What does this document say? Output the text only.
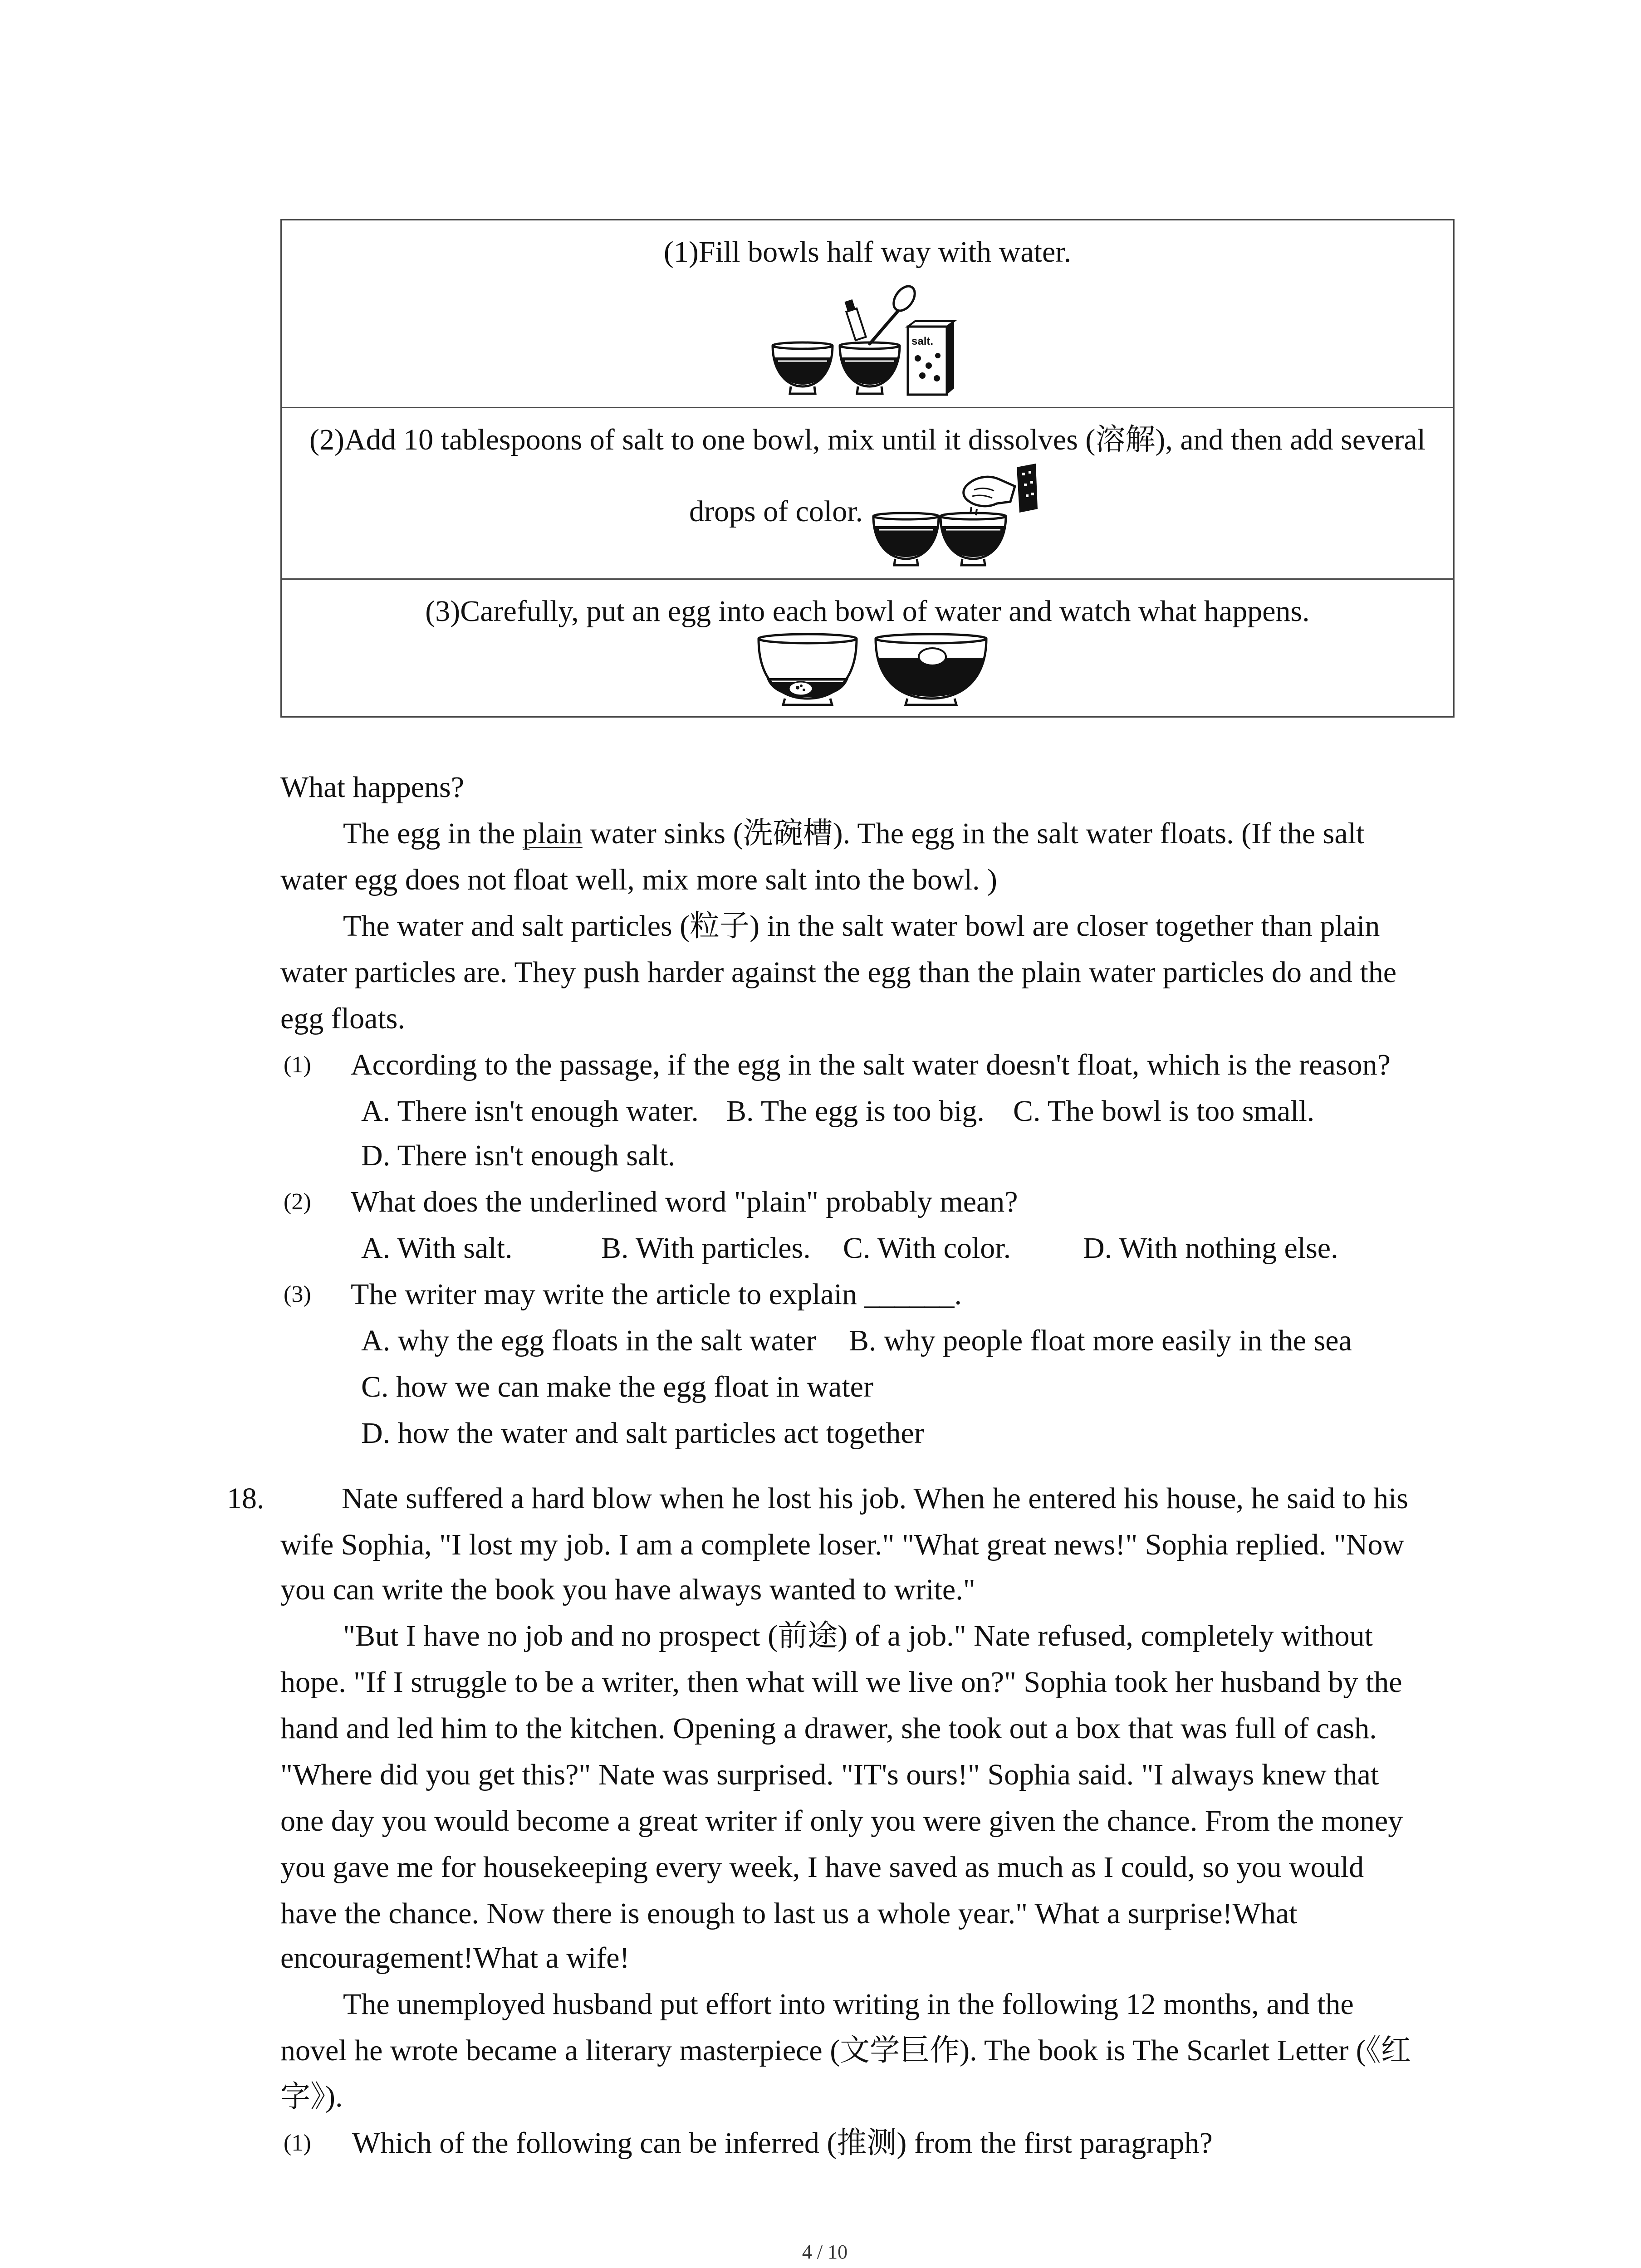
(1)Fill bowls half way with water.
salt.
(2)Add 10 tablespoons of salt to one bowl, mix until it dissolves (溶解), and then add several
drops of color.
(3)Carefully, put an egg into each bowl of water and watch what happens.
What happens?
The egg in the plain water sinks (洗碗槽). The egg in the salt water floats. (If the salt
water egg does not float well, mix more salt into the bowl. )
The water and salt particles (粒子) in the salt water bowl are closer together than plain
water particles are. They push harder against the egg than the plain water particles do and the
egg floats.
(1) According to the passage, if the egg in the salt water doesn't float, which is the reason?
A. There isn't enough water. B. The egg is too big. C. The bowl is too small.
D. There isn't enough salt.
(2) What does the underlined word "plain" probably mean?
A. With salt.	B. With particles. C. With color. D. With nothing else.
(3) The writer may write the article to explain ______.
A. why the egg floats in the salt water B. why people float more easily in the sea
C. how we can make the egg float in water
D. how the water and salt particles act together
18.	Nate suffered a hard blow when he lost his job. When he entered his house, he said to his
wife Sophia, "I lost my job. I am a complete loser." "What great news!" Sophia replied. "Now
you can write the book you have always wanted to write."
"But I have no job and no prospect (前途) of a job." Nate refused, completely without
hope. "If I struggle to be a writer, then what will we live on?" Sophia took her husband by the
hand and led him to the kitchen. Opening a drawer, she took out a box that was full of cash.
"Where did you get this?" Nate was surprised. "IT's ours!" Sophia said. "I always knew that
one day you would become a great writer if only you were given the chance. From the money
you gave me for housekeeping every week, I have saved as much as I could, so you would
have the chance. Now there is enough to last us a whole year." What a surprise!What
encouragement!What a wife!
The unemployed husband put effort into writing in the following 12 months, and the
novel he wrote became a literary masterpiece (文学巨作). The book is The Scarlet Letter (《红
字》).
(1) Which of the following can be inferred (推测) from the first paragraph?
4 / 10
